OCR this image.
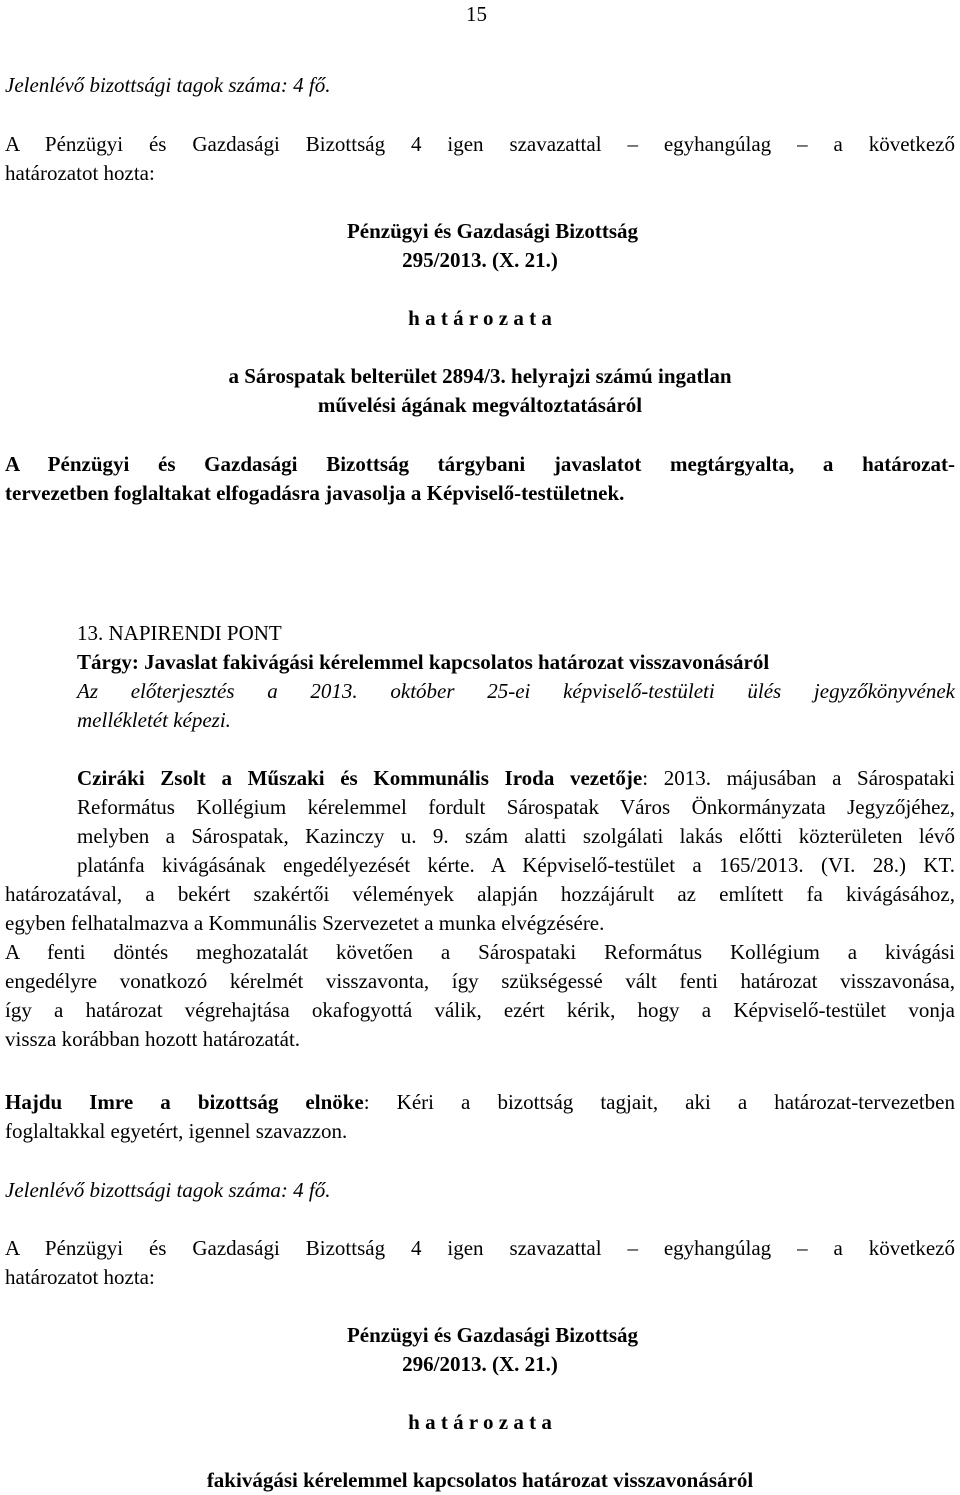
15
Jelenlévő bizottsági tagok száma: 4 fő.
A Pénzügyi és Gazdasági Bizottság 4 igen szavazattal – egyhangúlag – a következő
határozatot hozta:
Pénzügyi és Gazdasági Bizottság
295/2013. (X. 21.)
h a t á r o z a t a
a Sárospatak belterület 2894/3. helyrajzi számú ingatlan
művelési ágának megváltoztatásáról
A Pénzügyi és Gazdasági Bizottság tárgybani javaslatot megtárgyalta, a határozat-
tervezetben foglaltakat elfogadásra javasolja a Képviselő-testületnek.
13. NAPIRENDI PONT
Tárgy: Javaslat fakivágási kérelemmel kapcsolatos határozat visszavonásáról
Az előterjesztés a 2013. október 25-ei képviselő-testületi ülés jegyzőkönyvének
mellékletét képezi.
Cziráki Zsolt a Műszaki és Kommunális Iroda vezetője: 2013. májusában a Sárospataki
Református Kollégium kérelemmel fordult Sárospatak Város Önkormányzata Jegyzőjéhez,
melyben a Sárospatak, Kazinczy u. 9. szám alatti szolgálati lakás előtti közterületen lévő
platánfa kivágásának engedélyezését kérte. A Képviselő-testület a 165/2013. (VI. 28.) KT.
határozatával, a bekért szakértői vélemények alapján hozzájárult az említett fa kivágásához,
egyben felhatalmazva a Kommunális Szervezetet a munka elvégzésére.
A fenti döntés meghozatalát követően a Sárospataki Református Kollégium a kivágási
engedélyre vonatkozó kérelmét visszavonta, így szükségessé vált fenti határozat visszavonása,
így a határozat végrehajtása okafogyottá válik, ezért kérik, hogy a Képviselő-testület vonja
vissza korábban hozott határozatát.
Hajdu Imre a bizottság elnöke: Kéri a bizottság tagjait, aki a határozat-tervezetben
foglaltakkal egyetért, igennel szavazzon.
Jelenlévő bizottsági tagok száma: 4 fő.
A Pénzügyi és Gazdasági Bizottság 4 igen szavazattal – egyhangúlag – a következő
határozatot hozta:
Pénzügyi és Gazdasági Bizottság
296/2013. (X. 21.)
h a t á r o z a t a
fakivágási kérelemmel kapcsolatos határozat visszavonásáról
